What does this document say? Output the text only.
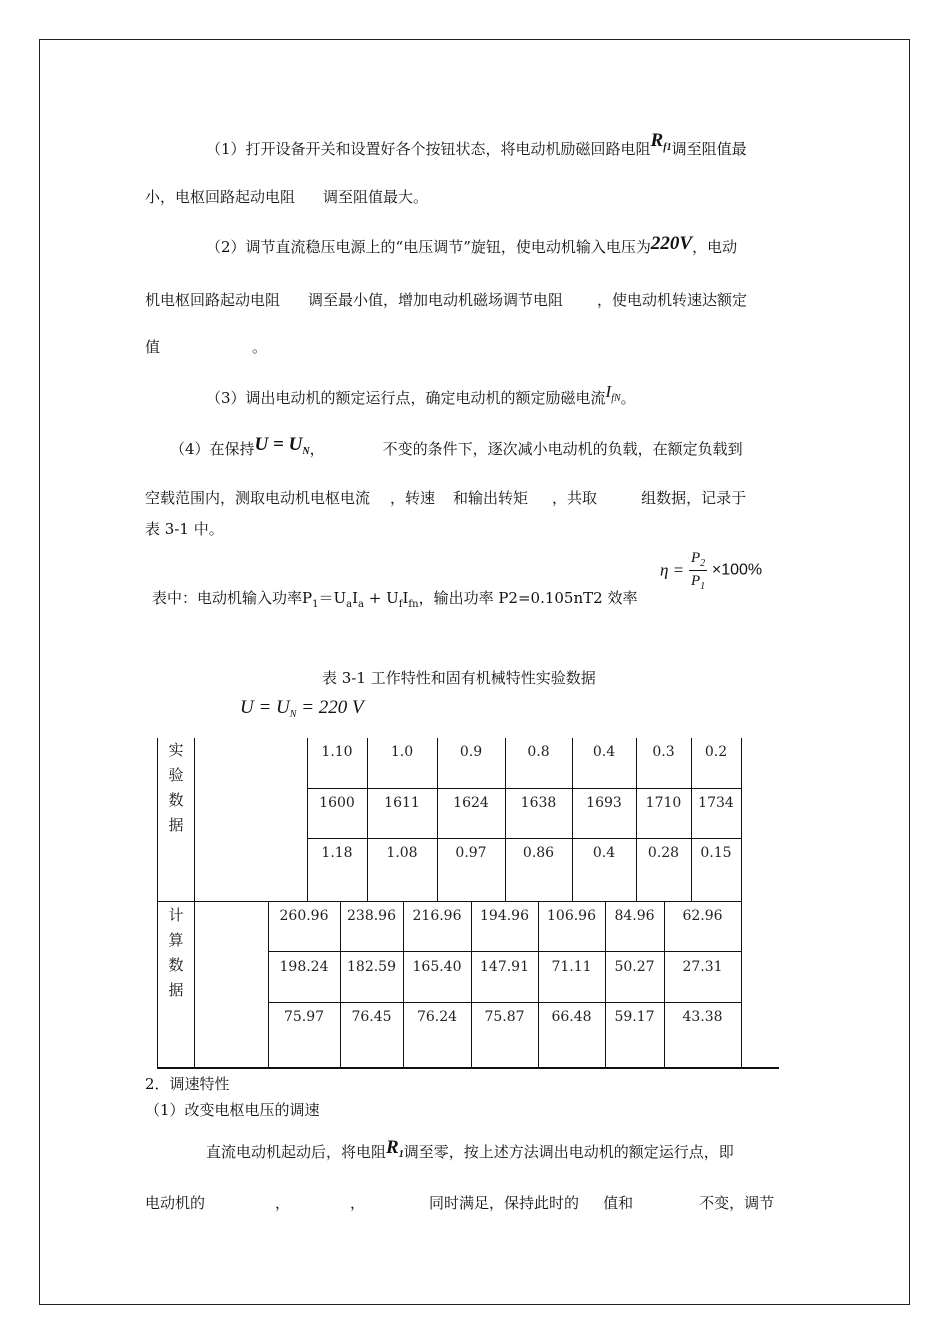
（1）打开设备开关和设置好各个按钮状态，将电动机励磁回路电阻$R_{f1}$调至阻值最
小，电枢回路起动电阻 调至阻值最大。
（2）调节直流稳压电源上的“电压调节”旋钮，使电动机输入电压为220V，电动
机电枢回路起动电阻 调至最小值，增加电动机磁场调节电阻 ，使电动机转速达额定
值	。
（3）调出电动机的额定运行点，确定电动机的额定励磁电流$I_{fN}$。
（4）在保持$U = U_N$，	不变的条件下，逐次减小电动机的负载，在额定负载到
空载范围内，测取电动机电枢电流 ，转速 和输出转矩 ，共取	组数据，记录于
表 3-1 中。
表中：电动机输入功率$P_1=U_aI_a + U_fI_{fn}$，输出功率 P2=0.105nT2 效率
$\eta = \frac{P_2}{P_1} \times 100\%$
表 3-1 工作特性和固有机械特性实验数据
$U = U_N = 220$ V
实
验
数
据
计
算
数
据
1.10	1.0	0.9	0.8	0.4	0.3	0.2
1600	1611	1624	1638	1693	1710	1734
1.18	1.08	0.97	0.86	0.4	0.28	0.15
260.96	238.96	216.96	194.96	106.96	84.96	62.96
198.24	182.59	165.40	147.91	71.11	50.27	27.31
75.97	76.45	76.24	75.87	66.48	59.17	43.38
2．调速特性
（1）改变电枢电压的调速
直流电动机起动后，将电阻$R_1$调至零，按上述方法调出电动机的额定运行点，即
电动机的	，	，	同时满足，保持此时的 值和	不变，调节
